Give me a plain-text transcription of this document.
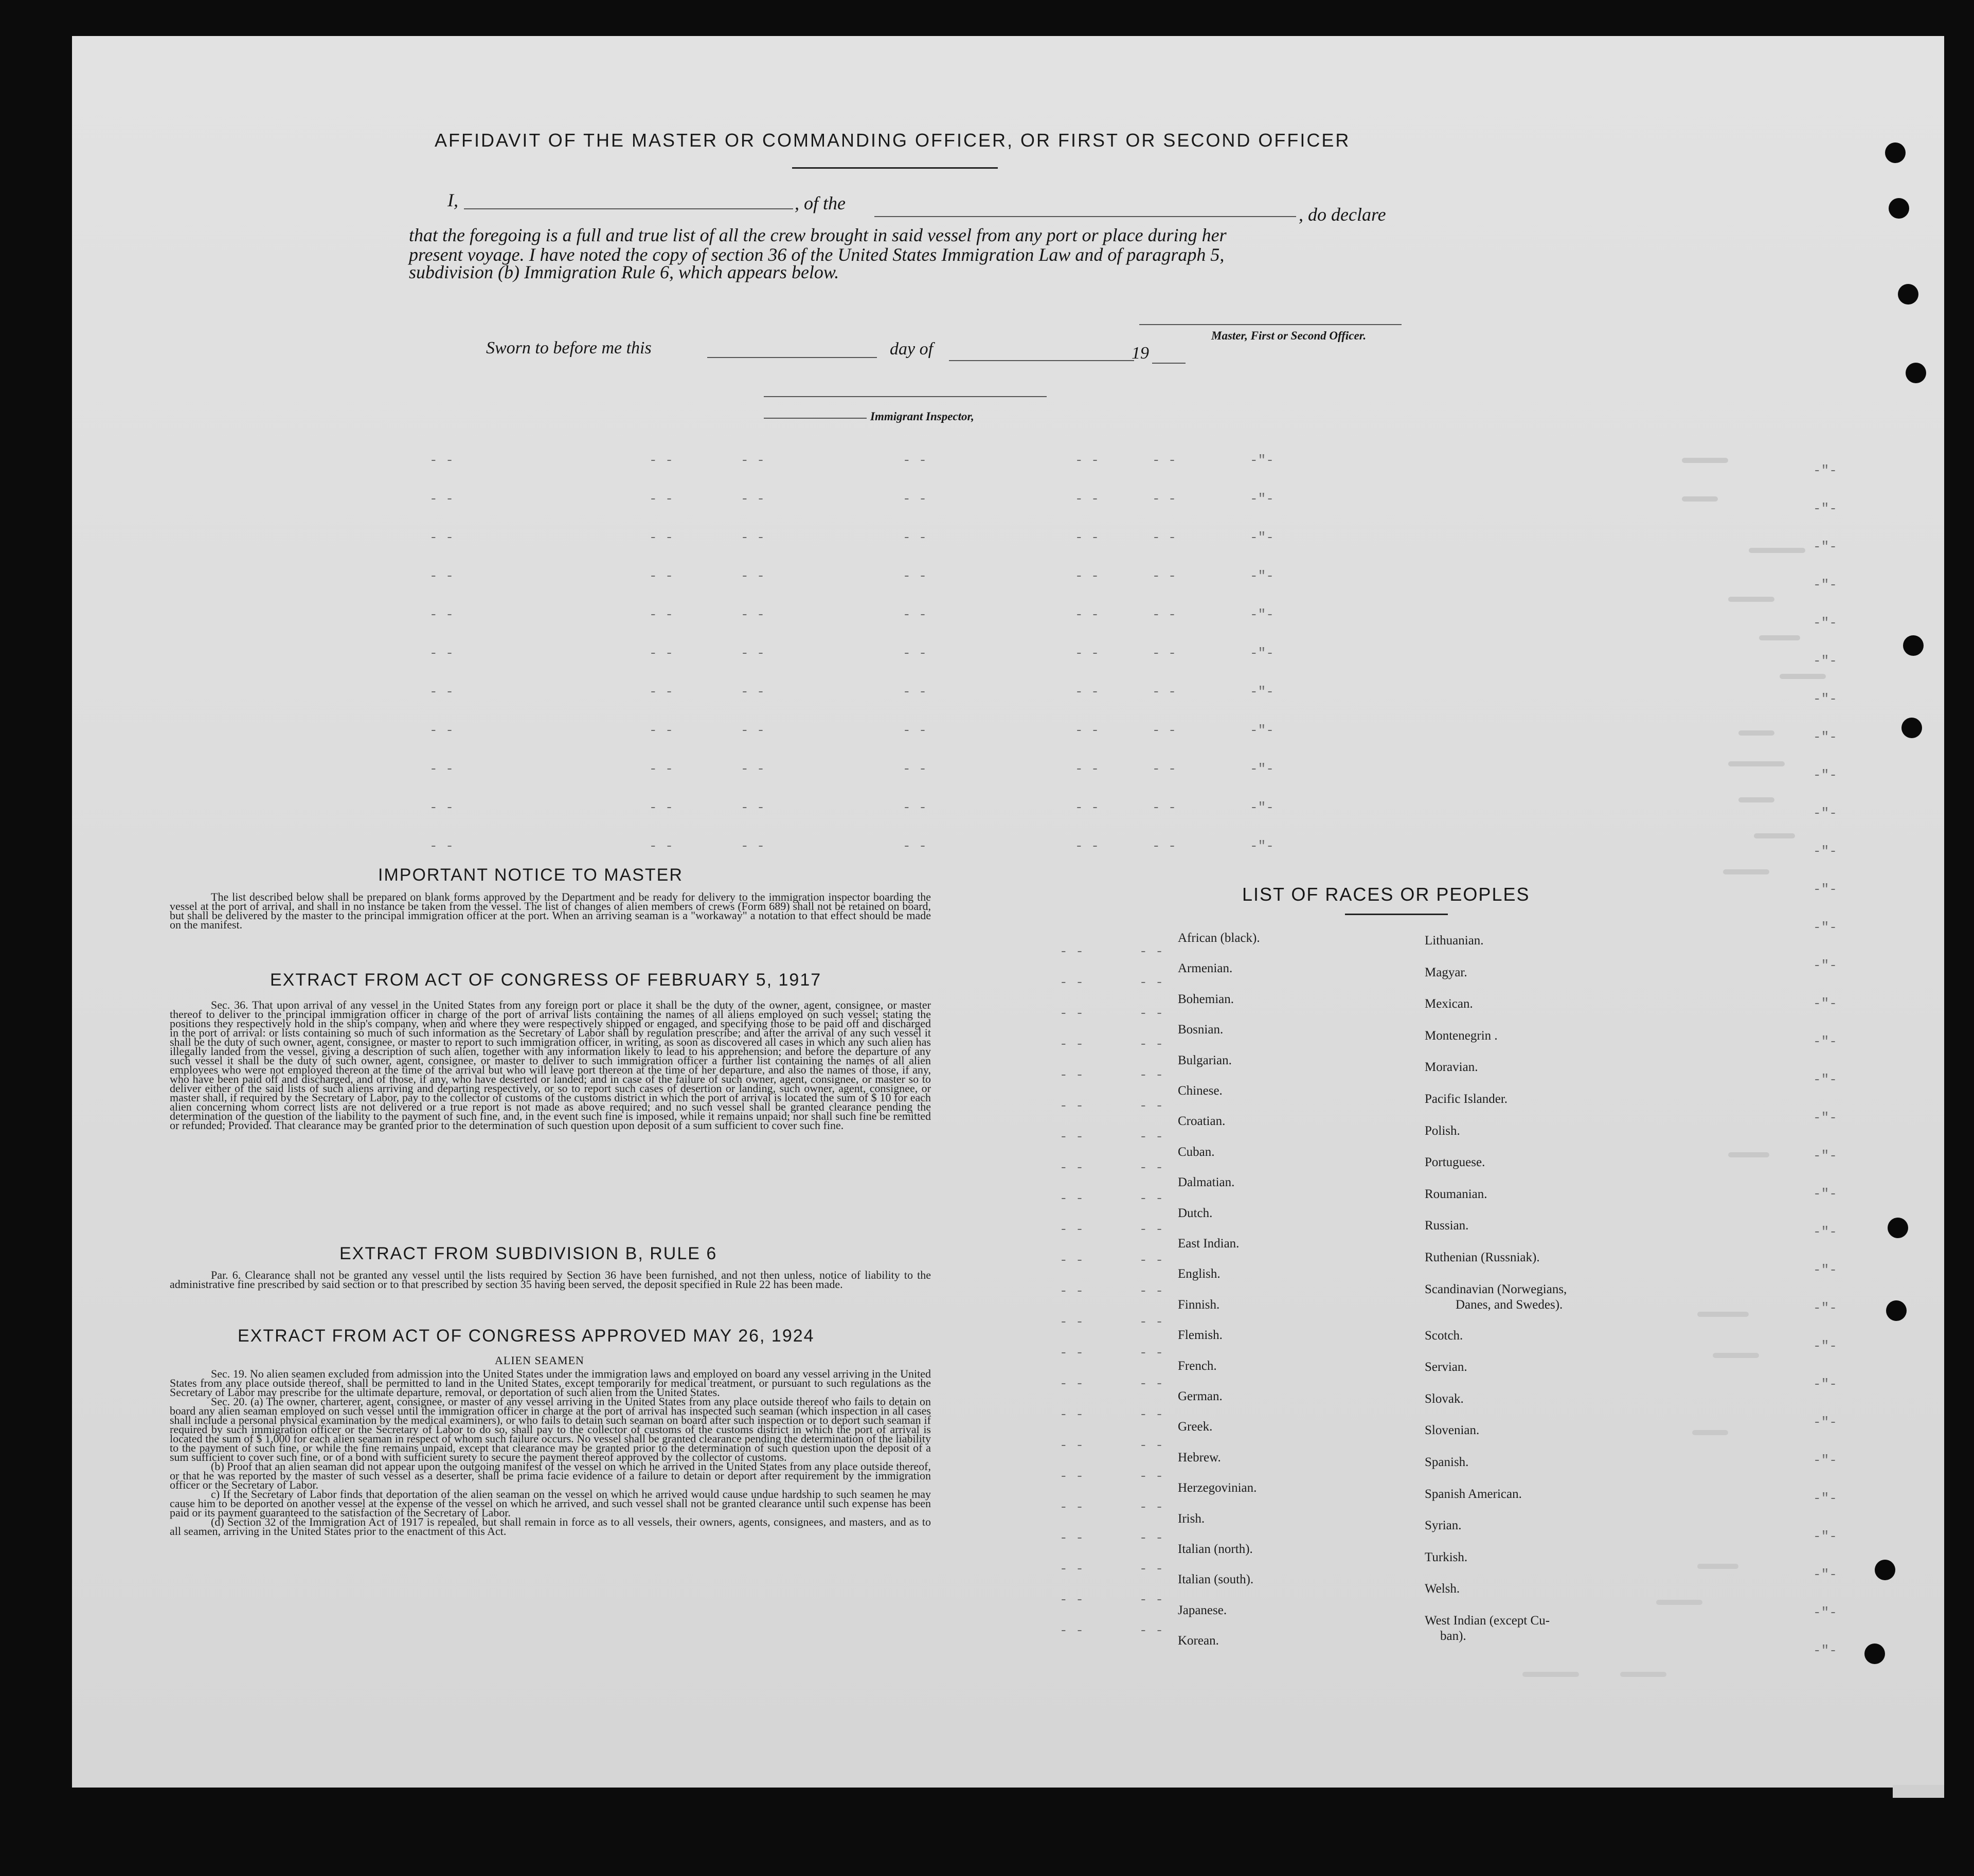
- -	- -	- -	- -	- -	- -	-"-
- -	- -	- -	- -	- -	- -	-"-
- -	- -	- -	- -	- -	- -	-"-
- -	- -	- -	- -	- -	- -	-"-
- -	- -	- -	- -	- -	- -	-"-
- -	- -	- -	- -	- -	- -	-"-
- -	- -	- -	- -	- -	- -	-"-
- -	- -	- -	- -	- -	- -	-"-
- -	- -	- -	- -	- -	- -	-"-
- -	- -	- -	- -	- -	- -	-"-
- -	- -	- -	- -	- -	- -	-"-
-"-
-"-
-"-
-"-
-"-
-"-
-"-
-"-
-"-
-"-
-"-
-"-
-"-
-"-
-"-
-"-
-"-
-"-
-"-
-"-
-"-
-"-
-"-
-"-
-"-
-"-
-"-
-"-
-"-
-"-
-"-
-"-
- -	- -
- -	- -
- -	- -
- -	- -
- -	- -
- -	- -
- -	- -
- -	- -
- -	- -
- -	- -
- -	- -
- -	- -
- -	- -
- -	- -
- -	- -
- -	- -
- -	- -
- -	- -
- -	- -
- -	- -
- -	- -
- -	- -
- -	- -
AFFIDAVIT OF THE MASTER OR COMMANDING OFFICER, OR FIRST OR SECOND OFFICER
I,	, of the
, do declare
that the foregoing is a full and true list of all the crew brought in said vessel from any port or place during her
present voyage. I have noted the copy of section 36 of the United States Immigration Law and of paragraph 5,
subdivision (b) Immigration Rule 6, which appears below.
Master, First or Second Officer.
Sworn to before me this	day of	19
Immigrant Inspector,
IMPORTANT NOTICE TO MASTER

The list described below shall be prepared on blank forms approved by the Department and be ready for delivery to the immigration inspector boarding the vessel at the port of arrival, and shall in no instance be taken from the vessel. The list of changes of alien members of crews (Form 689) shall not be retained on board, but shall be delivered by the master to the principal immigration officer at the port. When an arriving seaman is a "workaway" a notation to that effect should be made on the manifest.

EXTRACT FROM ACT OF CONGRESS OF FEBRUARY 5, 1917

Sec. 36. That upon arrival of any vessel in the United States from any foreign port or place it shall be the duty of the owner, agent, consignee, or master thereof to deliver to the principal immigration officer in charge of the port of arrival lists containing the names of all aliens employed on such vessel; stating the positions they respectively hold in the ship's company, when and where they were respectively shipped or engaged, and specifying those to be paid off and discharged in the port of arrival: or lists containing so much of such information as the Secretary of Labor shall by regulation prescribe; and after the arrival of any such vessel it shall be the duty of such owner, agent, consignee, or master to report to such immigration officer, in writing, as soon as discovered all cases in which any such alien has illegally landed from the vessel, giving a description of such alien, together with any information likely to lead to his apprehension; and before the departure of any such vessel it shall be the duty of such owner, agent, consignee, or master to deliver to such immigration officer a further list containing the names of all alien employees who were not employed thereon at the time of the arrival but who will leave port thereon at the time of her departure, and also the names of those, if any, who have been paid off and discharged, and of those, if any, who have deserted or landed; and in case of the failure of such owner, agent, consignee, or master so to deliver either of the said lists of such aliens arriving and departing respectively, or so to report such cases of desertion or landing, such owner, agent, consignee, or master shall, if required by the Secretary of Labor, pay to the collector of customs of the customs district in which the port of arrival is located the sum of $ 10 for each alien concerning whom correct lists are not delivered or a true report is not made as above required; and no such vessel shall be granted clearance pending the determination of the question of the liability to the payment of such fine, and, in the event such fine is imposed, while it remains unpaid; nor shall such fine be remitted or refunded; Provided. That clearance may be granted prior to the determination of such question upon deposit of a sum sufficient to cover such fine.

EXTRACT FROM SUBDIVISION B, RULE 6

Par. 6. Clearance shall not be granted any vessel until the lists required by Section 36 have been furnished, and not then unless, notice of liability to the administrative fine prescribed by said section or to that prescribed by section 35 having been served, the deposit specified in Rule 22 has been made.

EXTRACT FROM ACT OF CONGRESS APPROVED MAY 26, 1924
ALIEN SEAMEN

Sec. 19. No alien seamen excluded from admission into the United States under the immigration laws and employed on board any vessel arriving in the United States from any place outside thereof, shall be permitted to land in the United States, except temporarily for medical treatment, or pursuant to such regulations as the Secretary of Labor may prescribe for the ultimate departure, removal, or deportation of such alien from the United States.

Sec. 20. (a) The owner, charterer, agent, consignee, or master of any vessel arriving in the United States from any place outside thereof who fails to detain on board any alien seaman employed on such vessel until the immigration officer in charge at the port of arrival has inspected such seaman (which inspection in all cases shall include a personal physical examination by the medical examiners), or who fails to detain such seaman on board after such inspection or to deport such seaman if required by such immigration officer or the Secretary of Labor to do so, shall pay to the collector of customs of the customs district in which the port of arrival is located the sum of $ 1,000 for each alien seaman in respect of whom such failure occurs. No vessel shall be granted clearance pending the determination of the liability to the payment of such fine, or while the fine remains unpaid, except that clearance may be granted prior to the determination of such question upon the deposit of a sum sufficient to cover such fine, or of a bond with sufficient surety to secure the payment thereof approved by the collector of customs.

(b) Proof that an alien seaman did not appear upon the outgoing manifest of the vessel on which he arrived in the United States from any place outside thereof, or that he was reported by the master of such vessel as a deserter, shall be prima facie evidence of a failure to detain or deport after requirement by the immigration officer or the Secretary of Labor.

c) If the Secretary of Labor finds that deportation of the alien seaman on the vessel on which he arrived would cause undue hardship to such seamen he may cause him to be deported on another vessel at the expense of the vessel on which he arrived, and such vessel shall not be granted clearance until such expense has been paid or its payment guaranteed to the satisfaction of the Secretary of Labor.

(d) Section 32 of the Immigration Act of 1917 is repealed, but shall remain in force as to all vessels, their owners, agents, consignees, and masters, and as to all seamen, arriving in the United States prior to the enactment of this Act.

LIST OF RACES OR PEOPLES
African (black).
Armenian.
Bohemian.
Bosnian.
Bulgarian.
Chinese.
Croatian.
Cuban.
Dalmatian.
Dutch.
East Indian.
English.
Finnish.
Flemish.
French.
German.
Greek.
Hebrew.
Herzegovinian.
Irish.
Italian (north).
Italian (south).
Japanese.
Korean.
Lithuanian.
Magyar.
Mexican.
Montenegrin .
Moravian.
Pacific Islander.
Polish.
Portuguese.
Roumanian.
Russian.
Ruthenian (Russniak).
Scandinavian (Norwegians,
Danes, and Swedes).
Scotch.
Servian.
Slovak.
Slovenian.
Spanish.
Spanish American.
Syrian.
Turkish.
Welsh.
West Indian (except Cu-
ban).
